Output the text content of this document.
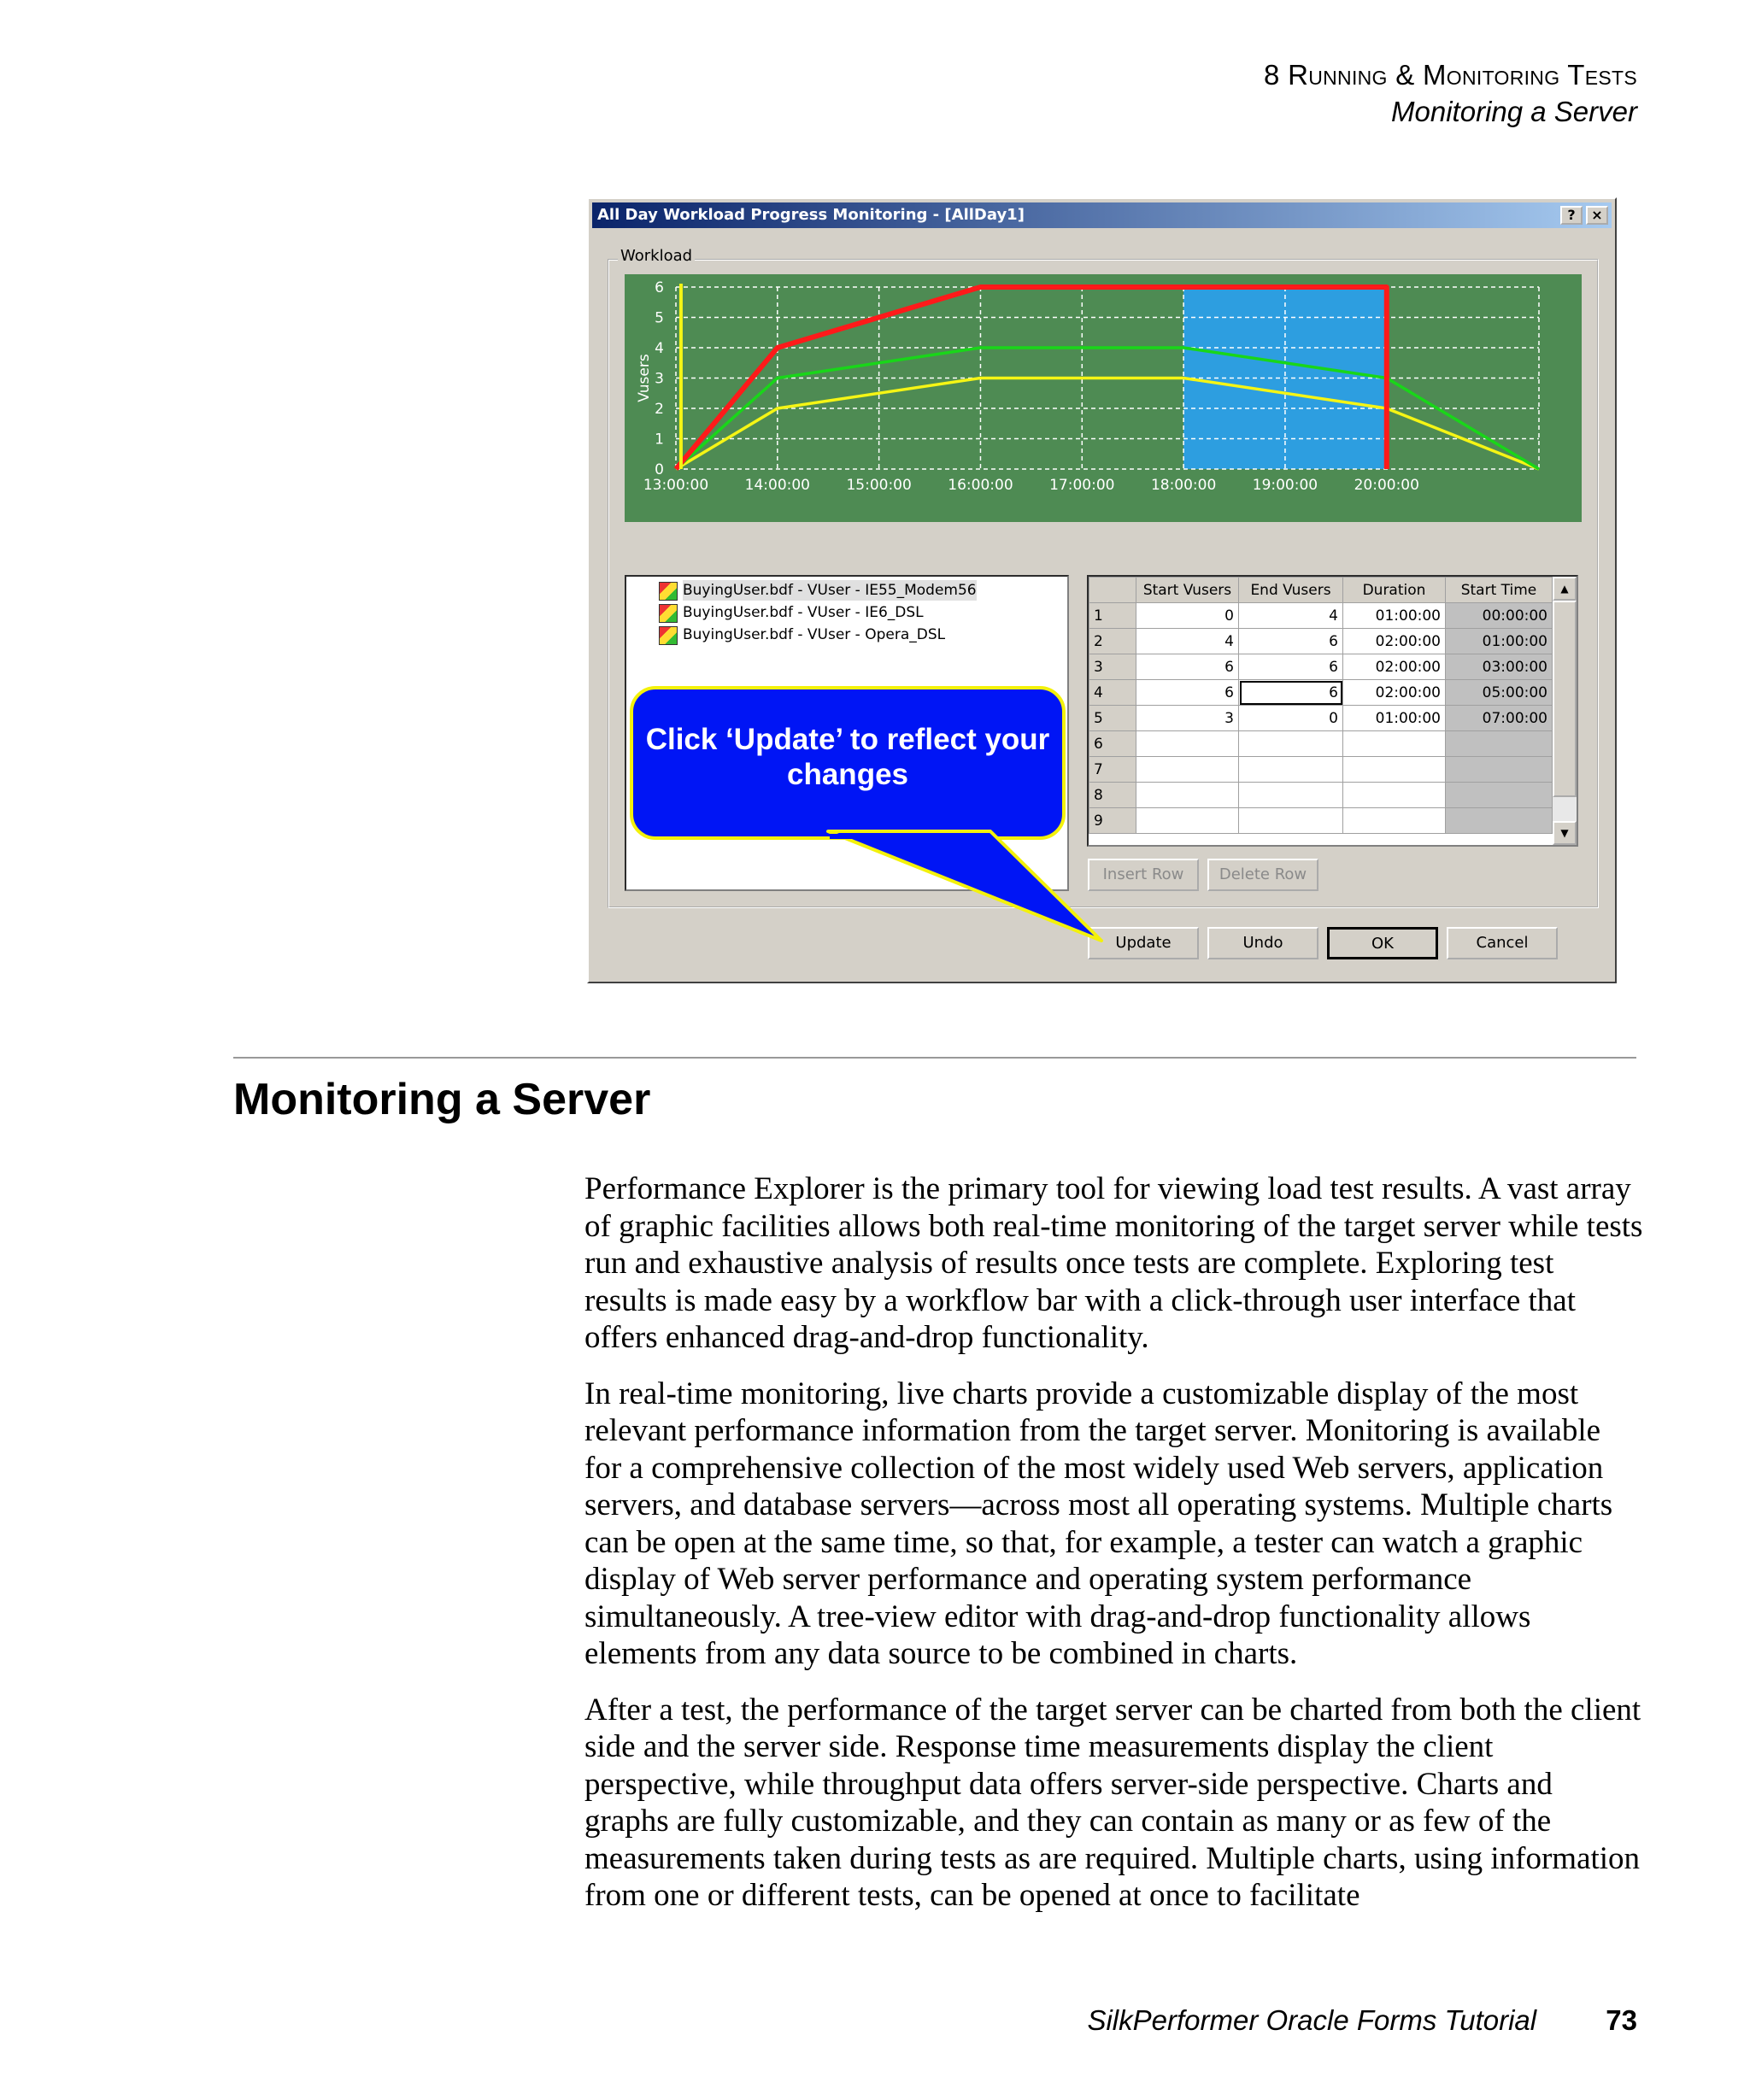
8 Running & Monitoring Tests
Monitoring a Server
All Day Workload Progress Monitoring - [AllDay1]	?	×
Workload
0
1
2
3
4
5
6
13:00:00 14:00:00 15:00:00 16:00:00 17:00:00 18:00:00 19:00:00 20:00:00
Vusers
BuyingUser.bdf - VUser - IE55_Modem56
BuyingUser.bdf - VUser - IE6_DSL
BuyingUser.bdf - VUser - Opera_DSL
	Start Vusers	End Vusers	Duration	Start Time
1	0	4	01:00:00	00:00:00
2	4	6	02:00:00	01:00:00
3	6	6	02:00:00	03:00:00
4	6	6	02:00:00	05:00:00
5	3	0	01:00:00	07:00:00
6				
7				
8				
9				
▲
▼
Insert Row	Delete Row
Update	Undo	OK	Cancel
Click ‘Update’ to reflect your changes
Monitoring a Server

Performance Explorer is the primary tool for viewing load test results. A vast array of graphic facilities allows both real-time monitoring of the target server while tests run and exhaustive analysis of results once tests are complete. Exploring test results is made easy by a workflow bar with a click-through user interface that offers enhanced drag-and-drop functionality.

In real-time monitoring, live charts provide a customizable display of the most relevant performance information from the target server. Monitoring is available for a comprehensive collection of the most widely used Web servers, application servers, and database servers—across most all operating systems. Multiple charts can be open at the same time, so that, for example, a tester can watch a graphic display of Web server performance and operating system performance simultaneously. A tree-view editor with drag-and-drop functionality allows elements from any data source to be combined in charts.

After a test, the performance of the target server can be charted from both the client side and the server side. Response time measurements display the client perspective, while throughput data offers server-side perspective. Charts and graphs are fully customizable, and they can contain as many or as few of the measurements taken during tests as are required. Multiple charts, using information from one or different tests, can be opened at once to facilitate

SilkPerformer Oracle Forms Tutorial 73
